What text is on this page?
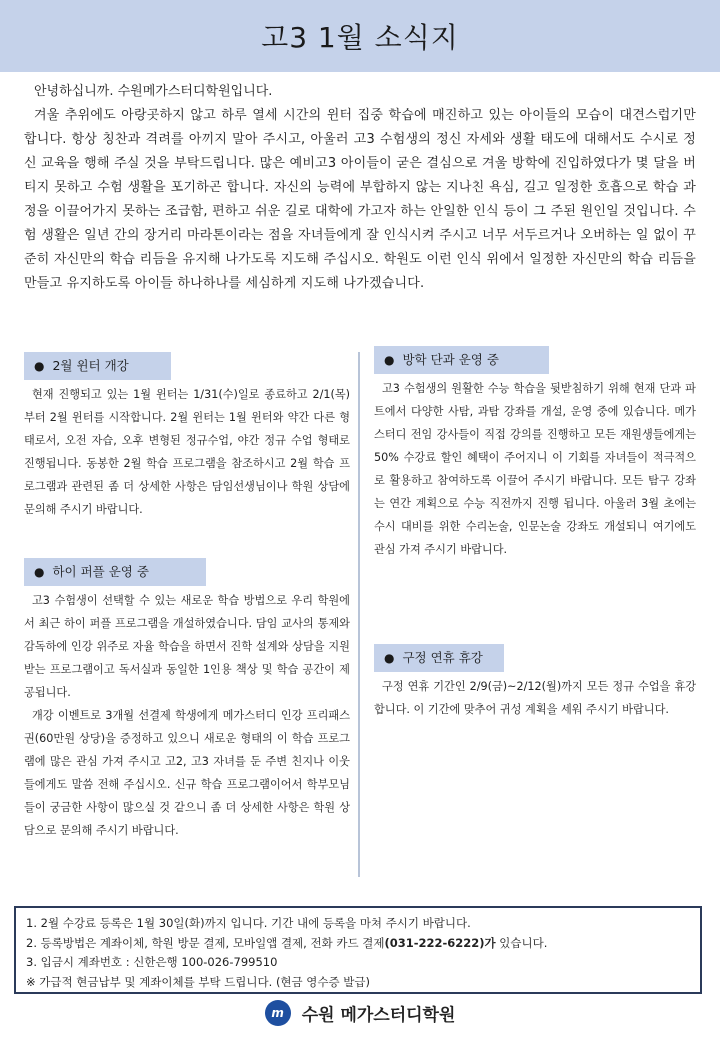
고3 1월 소식지

안녕하십니까. 수원메가스터디학원입니다.

겨울 추위에도 아랑곳하지 않고 하루 열세 시간의 윈터 집중 학습에 매진하고 있는 아이들의 모습이 대견스럽기만 합니다. 항상 칭찬과 격려를 아끼지 말아 주시고, 아울러 고3 수험생의 정신 자세와 생활 태도에 대해서도 수시로 정신 교육을 행해 주실 것을 부탁드립니다. 많은 예비고3 아이들이 굳은 결심으로 겨울 방학에 진입하였다가 몇 달을 버티지 못하고 수험 생활을 포기하곤 합니다. 자신의 능력에 부합하지 않는 지나친 욕심, 길고 일정한 호흡으로 학습 과정을 이끌어가지 못하는 조급함, 편하고 쉬운 길로 대학에 가고자 하는 안일한 인식 등이 그 주된 원인일 것입니다. 수험 생활은 일년 간의 장거리 마라톤이라는 점을 자녀들에게 잘 인식시켜 주시고 너무 서두르거나 오버하는 일 없이 꾸준히 자신만의 학습 리듬을 유지해 나가도록 지도해 주십시오. 학원도 이런 인식 위에서 일정한 자신만의 학습 리듬을 만들고 유지하도록 아이들 하나하나를 세심하게 지도해 나가겠습니다.

● 2월 윈터 개강

현재 진행되고 있는 1월 윈터는 1/31(수)일로 종료하고 2/1(목)부터 2월 윈터를 시작합니다. 2월 윈터는 1월 윈터와 약간 다른 형태로서, 오전 자습, 오후 변형된 정규수업, 야간 정규 수업 형태로 진행됩니다. 동봉한 2월 학습 프로그램을 참조하시고 2월 학습 프로그램과 관련된 좀 더 상세한 사항은 담임선생님이나 학원 상담에 문의해 주시기 바랍니다.

● 하이 퍼플 운영 중

고3 수험생이 선택할 수 있는 새로운 학습 방법으로 우리 학원에서 최근 하이 퍼플 프로그램을 개설하였습니다. 담임 교사의 통제와 감독하에 인강 위주로 자율 학습을 하면서 진학 설계와 상담을 지원받는 프로그램이고 독서실과 동일한 1인용 책상 및 학습 공간이 제공됩니다.

개강 이벤트로 3개월 선결제 학생에게 메가스터디 인강 프리패스권(60만원 상당)을 증정하고 있으니 새로운 형태의 이 학습 프로그램에 많은 관심 가져 주시고 고2, 고3 자녀를 둔 주변 친지나 이웃들에게도 말씀 전해 주십시오. 신규 학습 프로그램이어서 학부모님들이 궁금한 사항이 많으실 것 같으니 좀 더 상세한 사항은 학원 상담으로 문의해 주시기 바랍니다.

● 방학 단과 운영 중

고3 수험생의 원활한 수능 학습을 뒷받침하기 위해 현재 단과 파트에서 다양한 사탐, 과탐 강좌를 개설, 운영 중에 있습니다. 메가스터디 전임 강사들이 직접 강의를 진행하고 모든 재원생들에게는 50% 수강료 할인 혜택이 주어지니 이 기회를 자녀들이 적극적으로 활용하고 참여하도록 이끌어 주시기 바랍니다. 모든 탐구 강좌는 연간 계획으로 수능 직전까지 진행 됩니다. 아울러 3월 초에는 수시 대비를 위한 수리논술, 인문논술 강좌도 개설되니 여기에도 관심 가져 주시기 바랍니다.

● 구정 연휴 휴강

구정 연휴 기간인 2/9(금)~2/12(월)까지 모든 정규 수업을 휴강합니다. 이 기간에 맞추어 귀성 계획을 세워 주시기 바랍니다.

1. 2월 수강료 등록은 1월 30일(화)까지 입니다. 기간 내에 등록을 마쳐 주시기 바랍니다.
2. 등록방법은 계좌이체, 학원 방문 결제, 모바일앱 결제, 전화 카드 결제(031-222-6222)가 있습니다.
3. 입금시 계좌번호 : 신한은행 100-026-799510
※ 가급적 현금납부 및 계좌이체를 부탁 드립니다. (현금 영수증 발급)
m 수원 메가스터디학원
